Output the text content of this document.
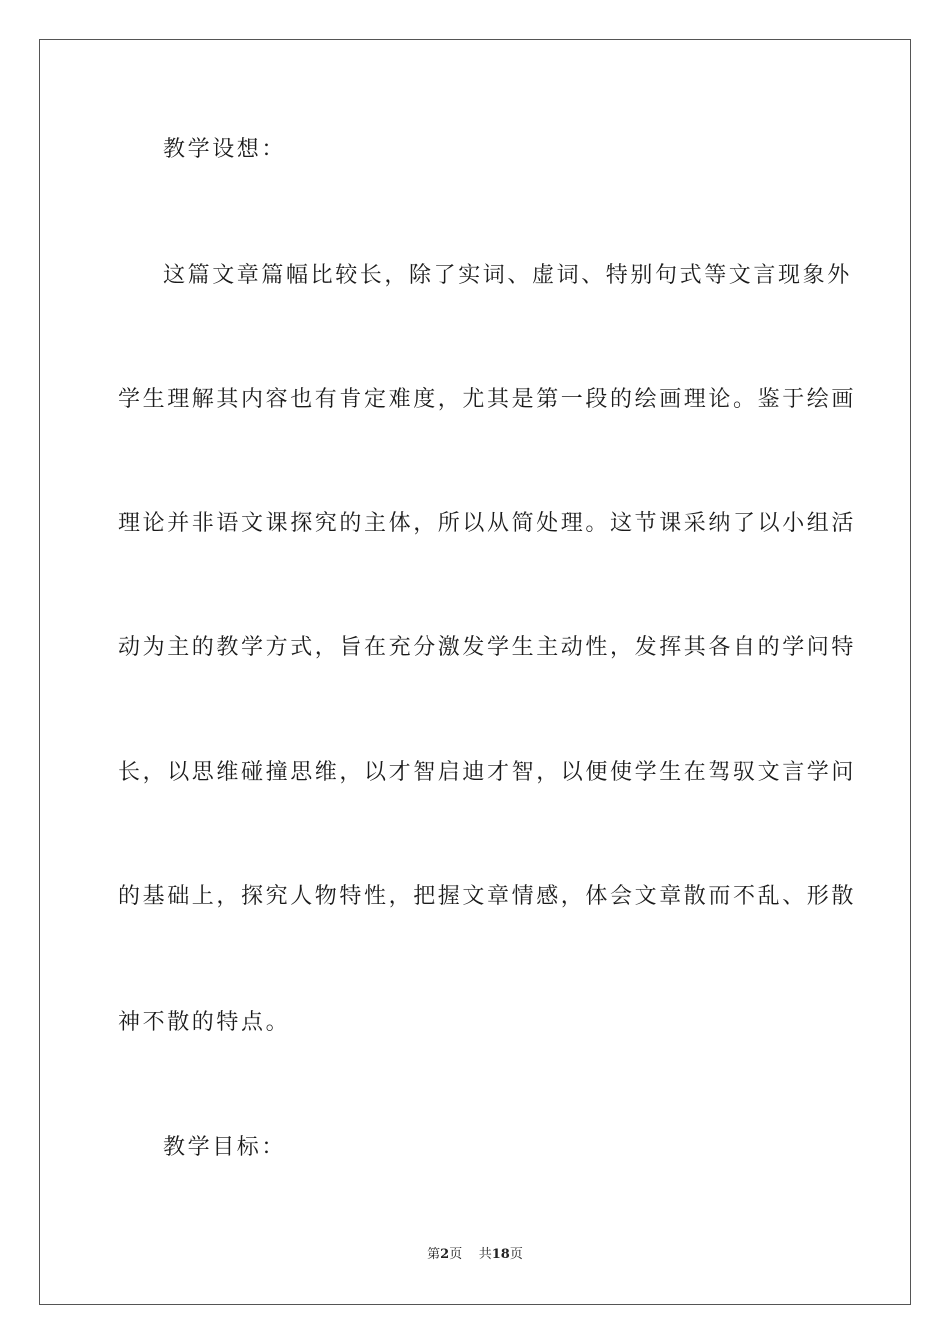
教学设想：
这篇文章篇幅比较长，除了实词、虚词、特别句式等文言现象外
学生理解其内容也有肯定难度，尤其是第一段的绘画理论。鉴于绘画
理论并非语文课探究的主体，所以从简处理。这节课采纳了以小组活
动为主的教学方式，旨在充分激发学生主动性，发挥其各自的学问特
长，以思维碰撞思维，以才智启迪才智，以便使学生在驾驭文言学问
的基础上，探究人物特性，把握文章情感，体会文章散而不乱、形散
神不散的特点。
教学目标：
第2页 共18页
